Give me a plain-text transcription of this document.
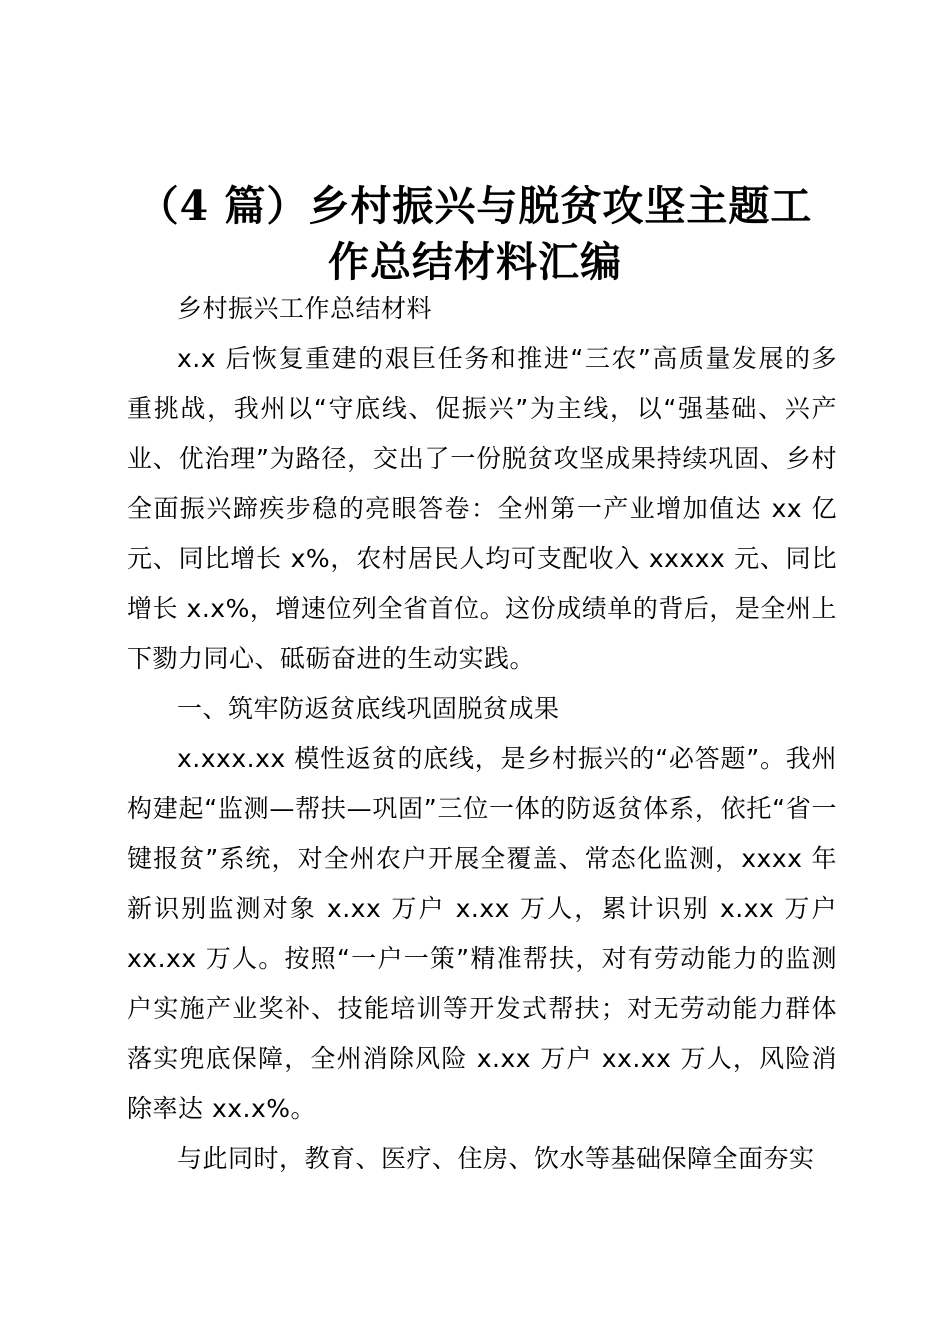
（4 篇）乡村振兴与脱贫攻坚主题工作总结材料汇编

乡村振兴工作总结材料

x.x 后恢复重建的艰巨任务和推进“三农”高质量发展的多重挑战，我州以“守底线、促振兴”为主线，以“强基础、兴产业、优治理”为路径，交出了一份脱贫攻坚成果持续巩固、乡村全面振兴蹄疾步稳的亮眼答卷：全州第一产业增加值达 xx 亿元、同比增长 x%，农村居民人均可支配收入 xxxxx 元、同比增长 x.x%，增速位列全省首位。这份成绩单的背后，是全州上下勠力同心、砥砺奋进的生动实践。

一、筑牢防返贫底线巩固脱贫成果

x.xxx.xx 模性返贫的底线，是乡村振兴的“必答题”。我州构建起“监测—帮扶—巩固”三位一体的防返贫体系，依托“省一键报贫”系统，对全州农户开展全覆盖、常态化监测，xxxx 年新识别监测对象 x.xx 万户 x.xx 万人，累计识别 x.xx 万户 xx.xx 万人。按照“一户一策”精准帮扶，对有劳动能力的监测户实施产业奖补、技能培训等开发式帮扶；对无劳动能力群体落实兜底保障，全州消除风险 x.xx 万户 xx.xx 万人，风险消除率达 xx.x%。

与此同时，教育、医疗、住房、饮水等基础保障全面夯实
